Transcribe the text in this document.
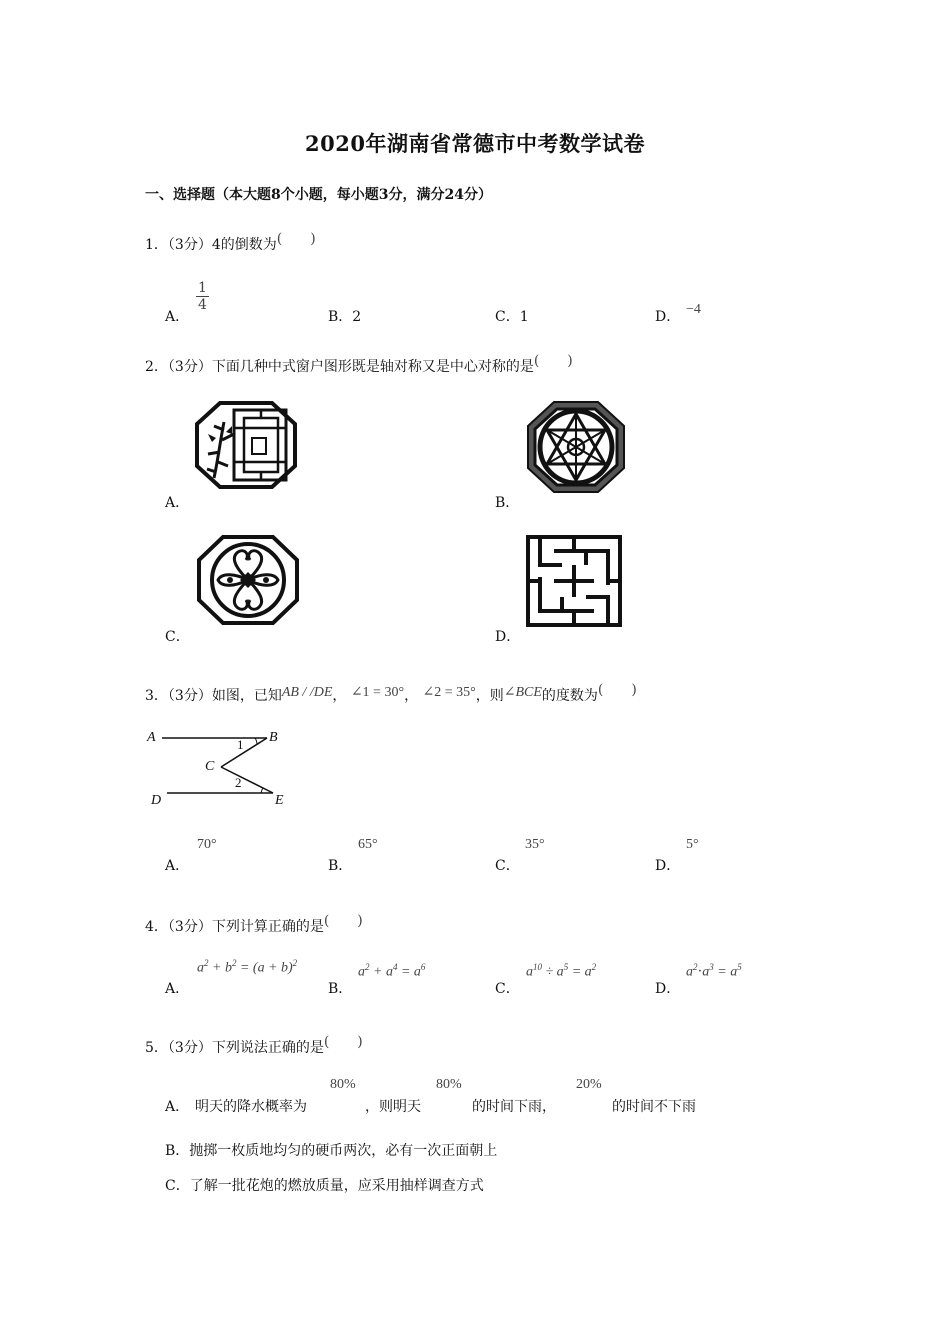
2020年湖南省常德市中考数学试卷
一、选择题（本大题8个小题，每小题3分，满分24分）
1．（3分）4的倒数为(　　)
A．
$\frac{1}{4}$
B．2	C．1	D． −4
2．（3分）下面几种中式窗户图形既是轴对称又是中心对称的是(　　)
A．	B．
C．	D．
3．（3分）如图，已知AB / /DE， ∠1 = 30°， ∠2 = 35°，则∠BCE的度数为(　　)
A	B
C
D	E
1
2
A．
70°
B．
65°
C．
35°
D．
5°
4．（3分）下列计算正确的是(　　)
A．
$a^2 + b^2 = (a + b)^2$
B．
$a^2 + a^4 = a^6$
C．
$a^{10} \div a^5 = a^2$
D．
$a^2\cdot a^3 = a^5$
5．（3分）下列说法正确的是(　　)
A． 明天的降水概率为
80%
，则明天
80%
的时间下雨，
20%
的时间不下雨
B．抛掷一枚质地均匀的硬币两次，必有一次正面朝上
C．了解一批花炮的燃放质量，应采用抽样调查方式
